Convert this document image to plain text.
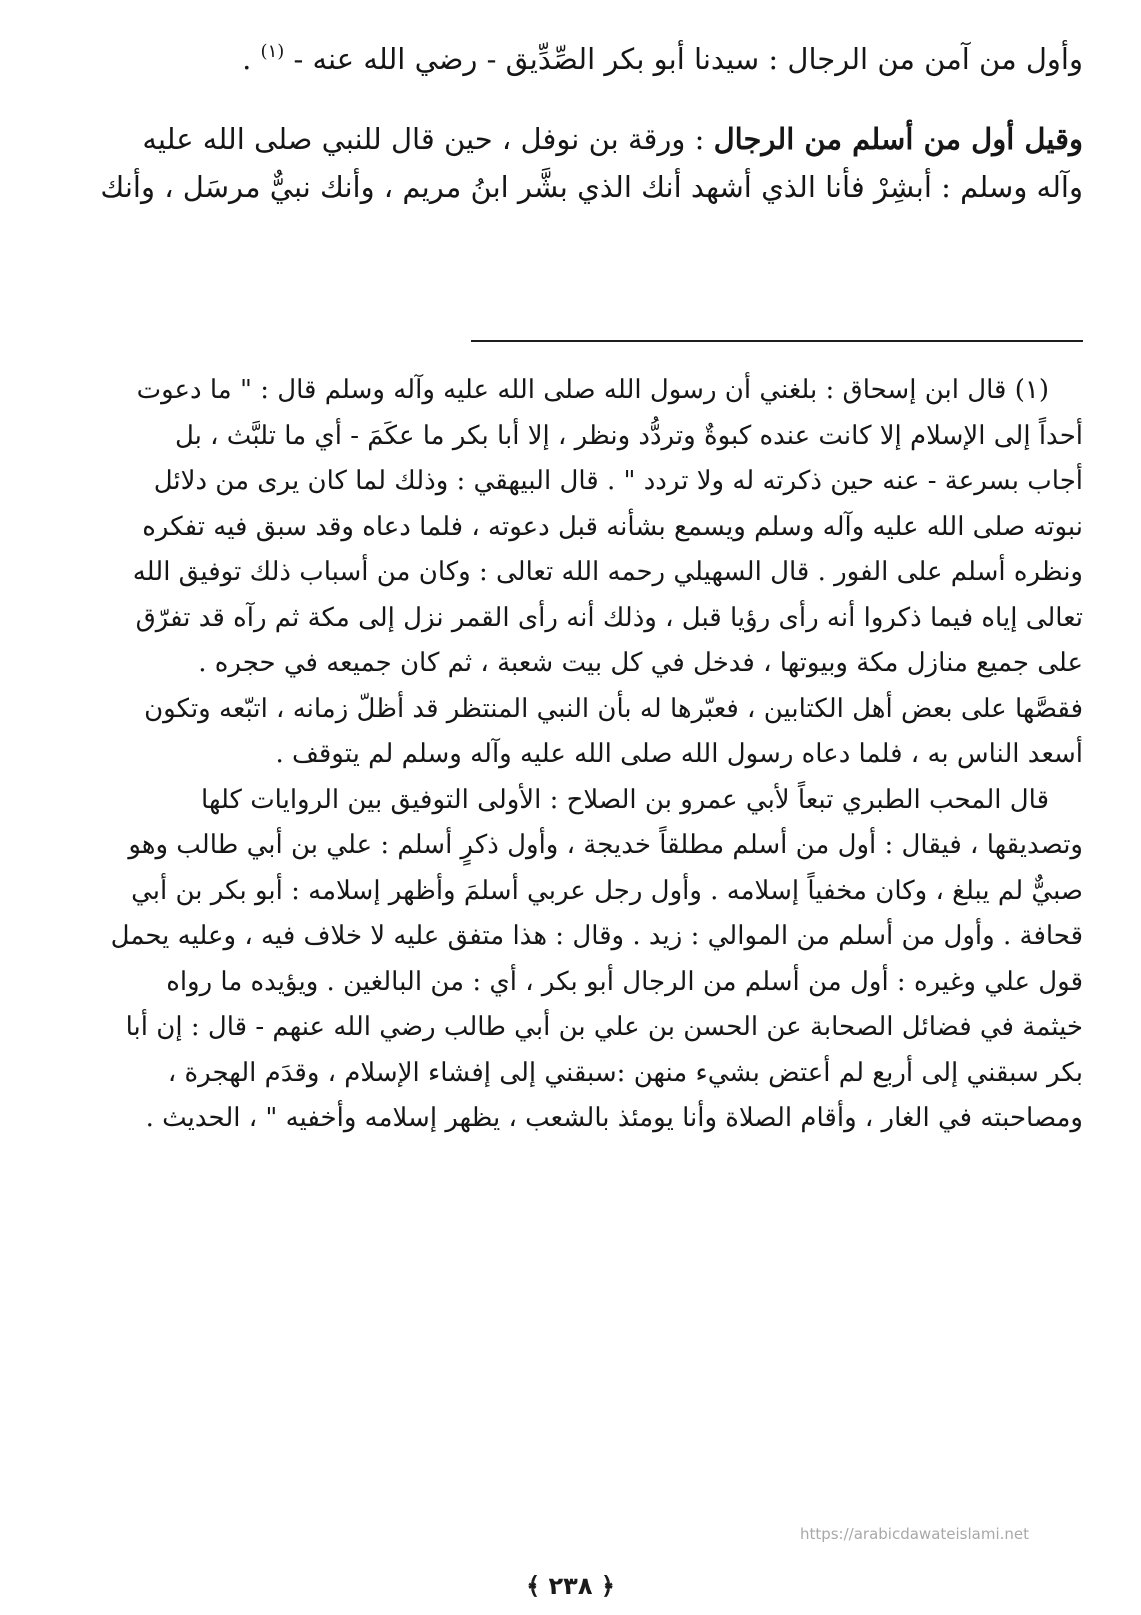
وأول من آمن من الرجال : سيدنا أبو بكر الصِّدِّيق - رضي الله عنه - $^{(١)}$ .

وقيل أول من أسلم من الرجال : ورقة بن نوفل ، حين قال للنبي صلى الله عليه

وآله وسلم : أبشِرْ فأنا الذي أشهد أنك الذي بشَّر ابنُ مريم ، وأنك نبيٌّ مرسَل ، وأنك

(١) قال ابن إسحاق : بلغني أن رسول الله صلى الله عليه وآله وسلم قال : " ما دعوت

أحداً إلى الإسلام إلا كانت عنده كبوةٌ وتردُّد ونظر ، إلا أبا بكر ما عكَمَ - أي ما تلبَّث ، بل

أجاب بسرعة - عنه حين ذكرته له ولا تردد " . قال البيهقي : وذلك لما كان يرى من دلائل

نبوته صلى الله عليه وآله وسلم ويسمع بشأنه قبل دعوته ، فلما دعاه وقد سبق فيه تفكره

ونظره أسلم على الفور . قال السهيلي رحمه الله تعالى : وكان من أسباب ذلك توفيق الله

تعالى إياه فيما ذكروا أنه رأى رؤيا قبل ، وذلك أنه رأى القمر نزل إلى مكة ثم رآه قد تفرّق

على جميع منازل مكة وبيوتها ، فدخل في كل بيت شعبة ، ثم كان جميعه في حجره .

فقصَّها على بعض أهل الكتابين ، فعبّرها له بأن النبي المنتظر قد أظلّ زمانه ، اتبّعه وتكون

أسعد الناس به ، فلما دعاه رسول الله صلى الله عليه وآله وسلم لم يتوقف .

قال المحب الطبري تبعاً لأبي عمرو بن الصلاح : الأولى التوفيق بين الروايات كلها

وتصديقها ، فيقال : أول من أسلم مطلقاً خديجة ، وأول ذكرٍ أسلم : علي بن أبي طالب وهو

صبيٌّ لم يبلغ ، وكان مخفياً إسلامه . وأول رجل عربي أسلمَ وأظهر إسلامه : أبو بكر بن أبي

قحافة . وأول من أسلم من الموالي : زيد . وقال : هذا متفق عليه لا خلاف فيه ، وعليه يحمل

قول علي وغيره : أول من أسلم من الرجال أبو بكر ، أي : من البالغين . ويؤيده ما رواه

خيثمة في فضائل الصحابة عن الحسن بن علي بن أبي طالب رضي الله عنهم - قال : إن أبا

بكر سبقني إلى أربع لم أعتض بشيء منهن :سبقني إلى إفشاء الإسلام ، وقدَم الهجرة ،

ومصاحبته في الغار ، وأقام الصلاة وأنا يومئذ بالشعب ، يظهر إسلامه وأخفيه " ، الحديث .

https://arabicdawateislami.net
﴿ ٢٣٨ ﴾
